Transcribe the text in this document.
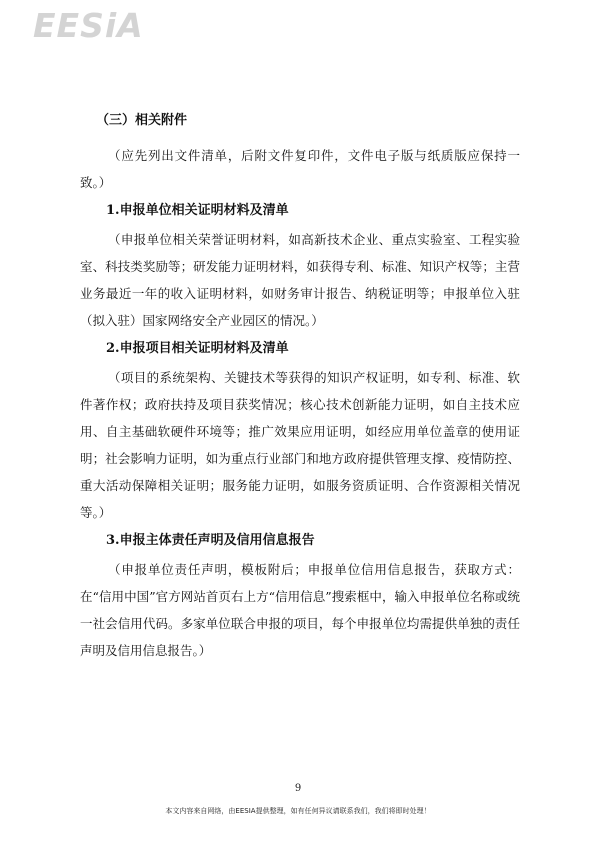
EESiA

（三）相关附件

（应先列出文件清单，后附文件复印件，文件电子版与纸质版应保持一致。）

1.申报单位相关证明材料及清单

（申报单位相关荣誉证明材料，如高新技术企业、重点实验室、工程实验室、科技类奖励等；研发能力证明材料，如获得专利、标准、知识产权等；主营业务最近一年的收入证明材料，如财务审计报告、纳税证明等；申报单位入驻（拟入驻）国家网络安全产业园区的情况。）

2.申报项目相关证明材料及清单

（项目的系统架构、关键技术等获得的知识产权证明，如专利、标准、软件著作权；政府扶持及项目获奖情况；核心技术创新能力证明，如自主技术应用、自主基础软硬件环境等；推广效果应用证明，如经应用单位盖章的使用证明；社会影响力证明，如为重点行业部门和地方政府提供管理支撑、疫情防控、重大活动保障相关证明；服务能力证明，如服务资质证明、合作资源相关情况等。）

3.申报主体责任声明及信用信息报告

（申报单位责任声明，模板附后；申报单位信用信息报告，获取方式：在“信用中国”官方网站首页右上方“信用信息”搜索框中，输入申报单位名称或统一社会信用代码。多家单位联合申报的项目，每个申报单位均需提供单独的责任声明及信用信息报告。）

9
本文内容来自网络，由EESIA提供整理，如有任何异议请联系我们，我们将即时处理！
